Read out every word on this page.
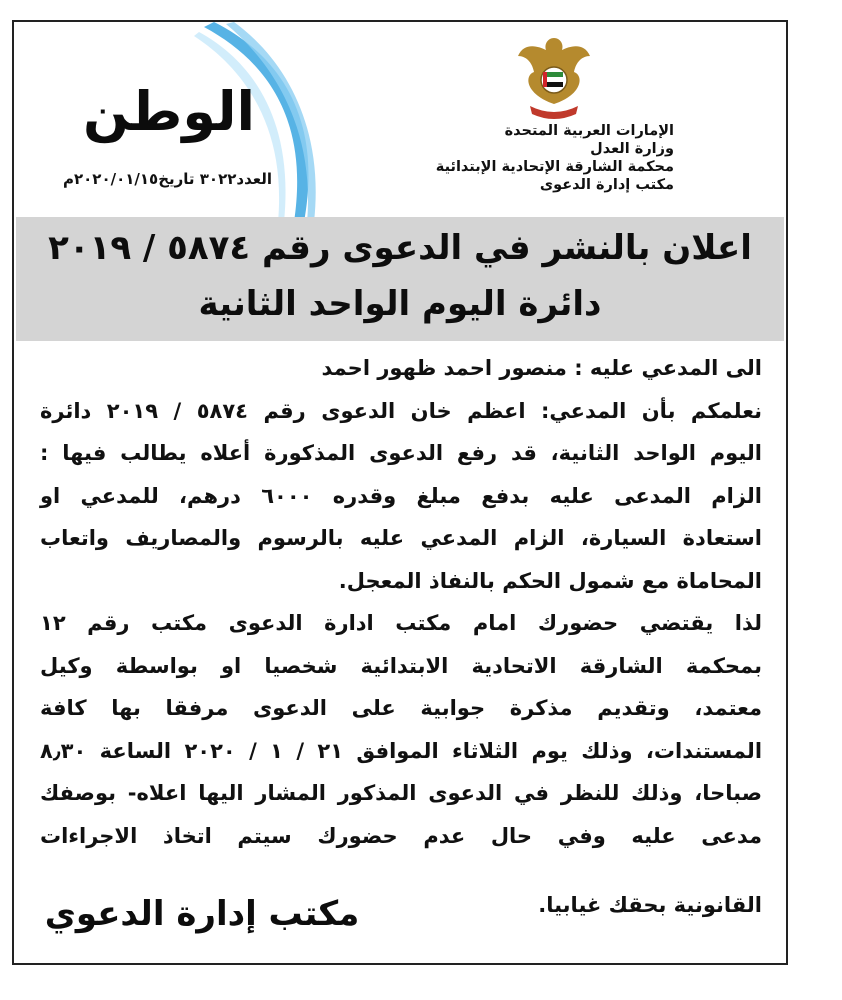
الإمارات العربية المتحدة
وزارة العدل
محكمة الشارقة الإتحادية الإبتدائية
مكتب إدارة الدعوى
الوطن
العدد٣٠٢٢ تاريخ٢٠٢٠/٠١/١٥م
اعلان بالنشر في الدعوى رقم ٥٨٧٤ / ٢٠١٩
دائرة اليوم الواحد الثانية
الى المدعي عليه : منصور احمد ظهور احمد
نعلمكم بأن المدعي: اعظم خان الدعوى رقم ٥٨٧٤ / ٢٠١٩ دائرة
اليوم الواحد الثانية، قد رفع الدعوى المذكورة أعلاه يطالب فيها :
الزام المدعى عليه بدفع مبلغ وقدره ٦٠٠٠ درهم، للمدعي او
استعادة السيارة، الزام المدعي عليه بالرسوم والمصاريف واتعاب
المحاماة مع شمول الحكم بالنفاذ المعجل.
لذا يقتضي حضورك امام مكتب ادارة الدعوى مكتب رقم ١٢
بمحكمة الشارقة الاتحادية الابتدائية شخصيا او بواسطة وكيل
معتمد، وتقديم مذكرة جوابية على الدعوى مرفقا بها كافة
المستندات، وذلك يوم الثلاثاء الموافق ٢١ / ١ / ٢٠٢٠ الساعة ٨٫٣٠
صباحا، وذلك للنظر في الدعوى المذكور المشار اليها اعلاه- بوصفك
مدعى عليه وفي حال عدم حضورك سيتم اتخاذ الاجراءات
القانونية بحقك غيابيا.
مكتب إدارة الدعوي
